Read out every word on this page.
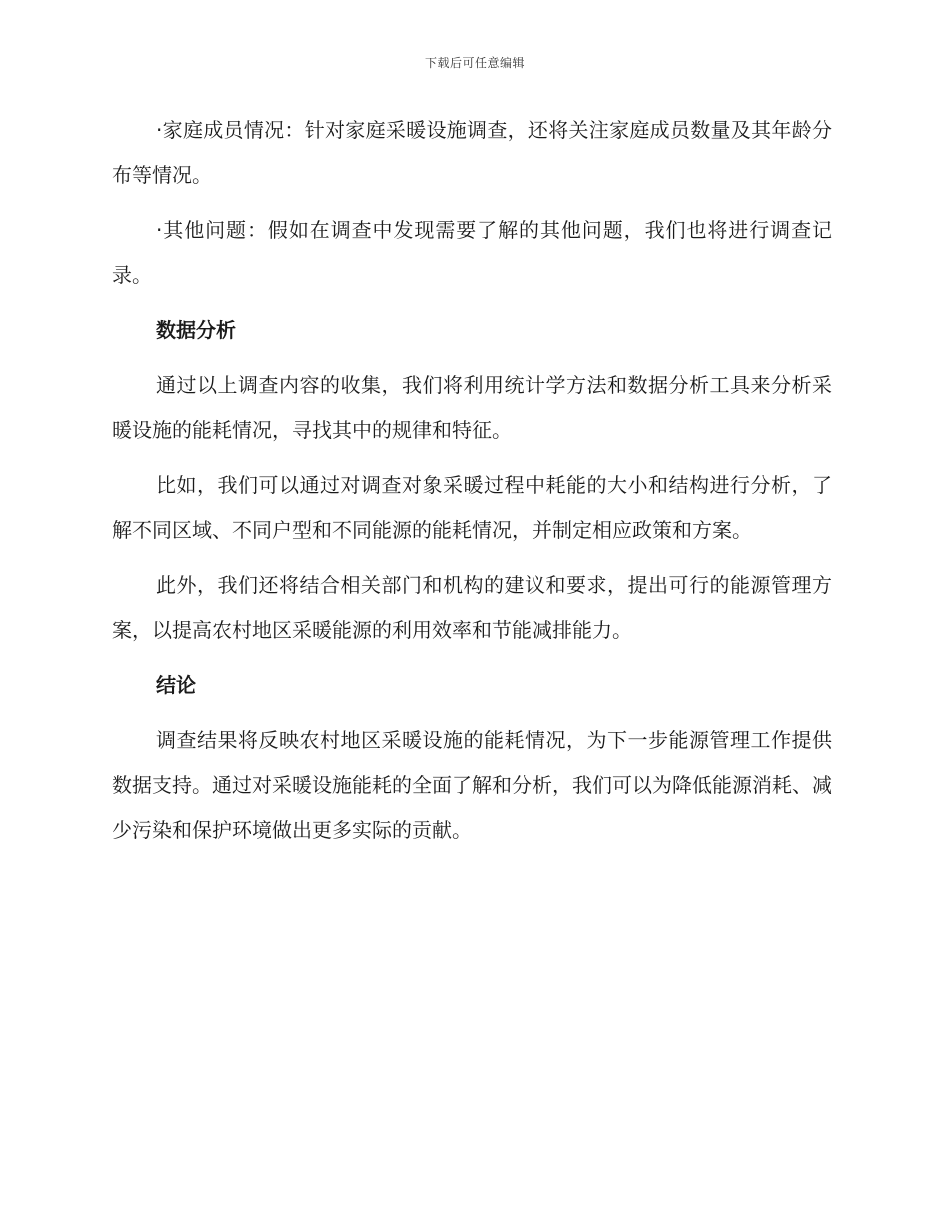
下载后可任意编辑

·家庭成员情况：针对家庭采暖设施调查，还将关注家庭成员数量及其年龄分布等情况。

·其他问题：假如在调查中发现需要了解的其他问题，我们也将进行调查记录。

数据分析

通过以上调查内容的收集，我们将利用统计学方法和数据分析工具来分析采暖设施的能耗情况，寻找其中的规律和特征。

比如，我们可以通过对调查对象采暖过程中耗能的大小和结构进行分析，了解不同区域、不同户型和不同能源的能耗情况，并制定相应政策和方案。

此外，我们还将结合相关部门和机构的建议和要求，提出可行的能源管理方案，以提高农村地区采暖能源的利用效率和节能减排能力。

结论

调查结果将反映农村地区采暖设施的能耗情况，为下一步能源管理工作提供数据支持。通过对采暖设施能耗的全面了解和分析，我们可以为降低能源消耗、减少污染和保护环境做出更多实际的贡献。
